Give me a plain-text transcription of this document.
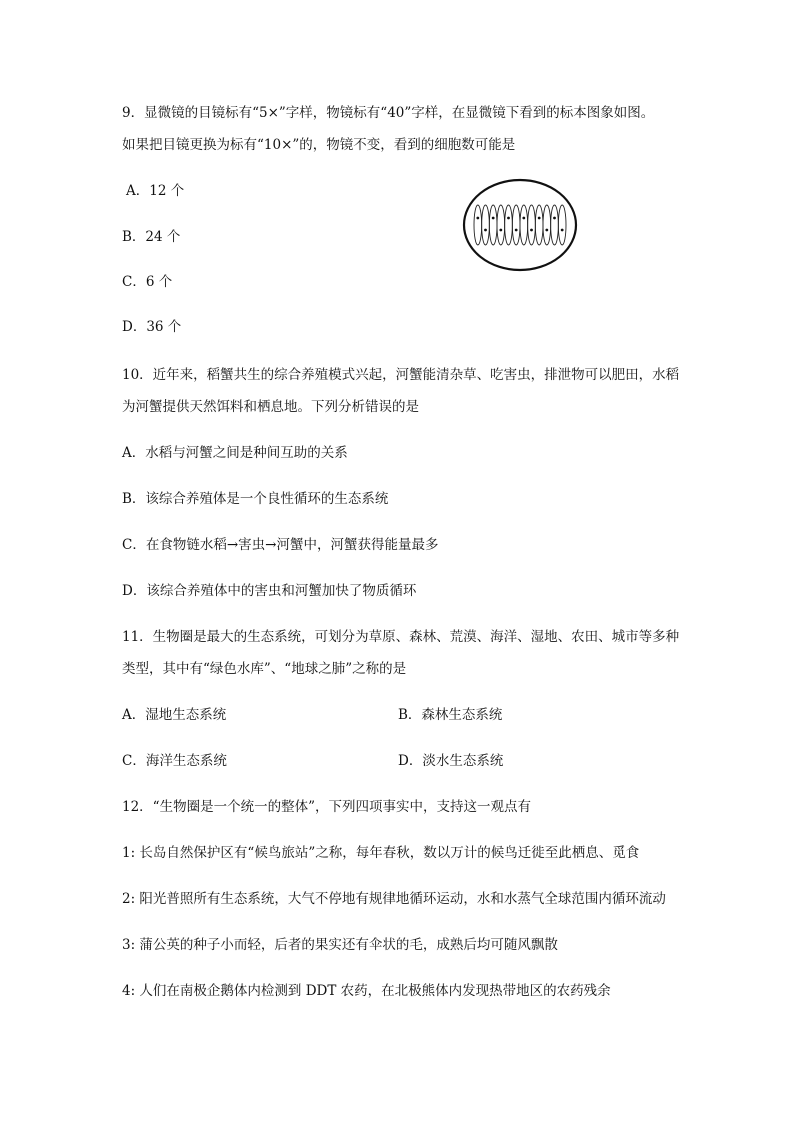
9．显微镜的目镜标有“5×”字样，物镜标有“40”字样，在显微镜下看到的标本图象如图。
如果把目镜更换为标有“10×”的，物镜不变，看到的细胞数可能是
A．12 个
B．24 个
C．6 个
D．36 个
10．近年来，稻蟹共生的综合养殖模式兴起，河蟹能清杂草、吃害虫，排泄物可以肥田，水稻
为河蟹提供天然饵料和栖息地。下列分析错误的是
A．水稻与河蟹之间是种间互助的关系
B．该综合养殖体是一个良性循环的生态系统
C．在食物链水稻→害虫→河蟹中，河蟹获得能量最多
D．该综合养殖体中的害虫和河蟹加快了物质循环
11．生物圈是最大的生态系统，可划分为草原、森林、荒漠、海洋、湿地、农田、城市等多种
类型，其中有“绿色水库”、“地球之肺”之称的是
A．湿地生态系统	B．森林生态系统
C．海洋生态系统	D．淡水生态系统
12．“生物圈是一个统一的整体”，下列四项事实中，支持这一观点有
1: 长岛自然保护区有“候鸟旅站”之称，每年春秋，数以万计的候鸟迁徙至此栖息、觅食
2: 阳光普照所有生态系统，大气不停地有规律地循环运动，水和水蒸气全球范围内循环流动
3: 蒲公英的种子小而轻，后者的果实还有伞状的毛，成熟后均可随风飘散
4: 人们在南极企鹅体内检测到 DDT 农药，在北极熊体内发现热带地区的农药残余
